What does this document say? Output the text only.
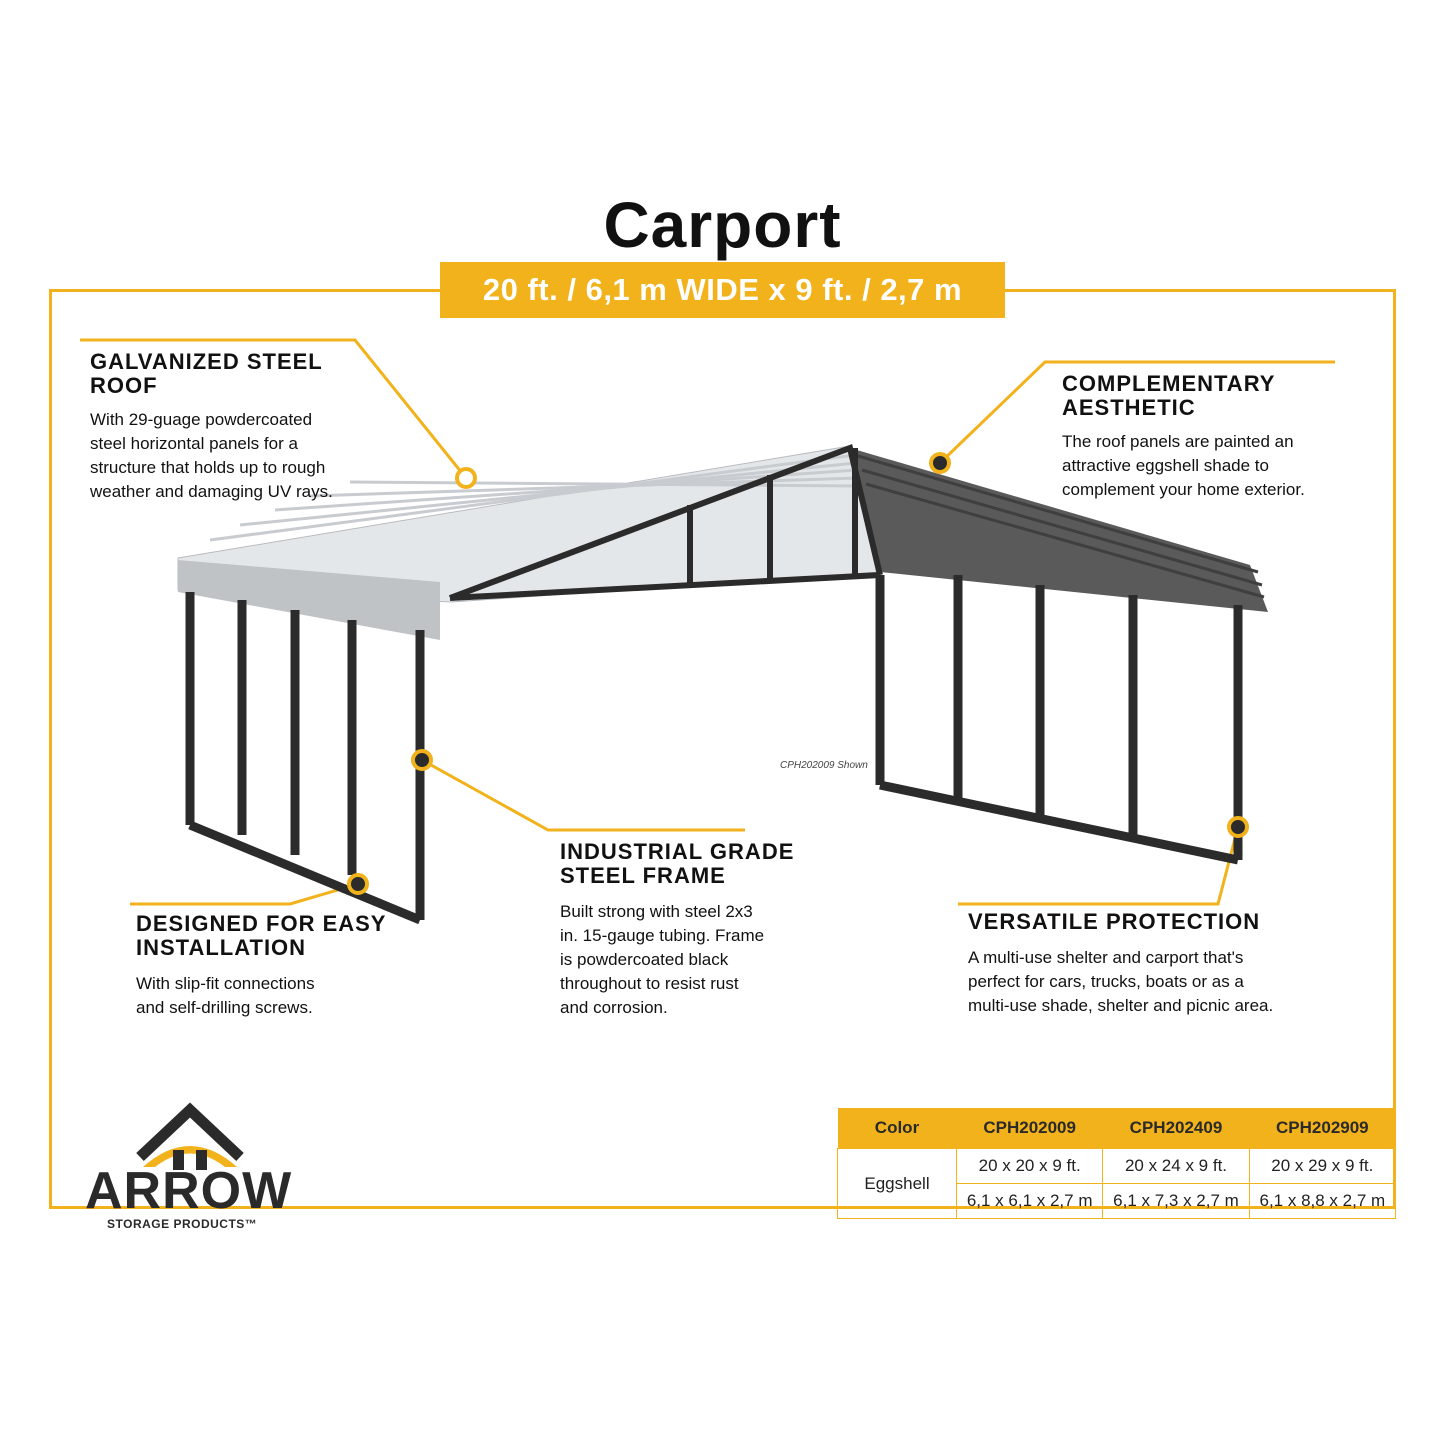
Carport
20 ft. / 6,1 m WIDE x 9 ft. / 2,7 m HIGH
CPH202009 Shown
GALVANIZED STEEL ROOF
With 29-guage powdercoated
steel horizontal panels for a
structure that holds up to rough
weather and damaging UV rays.
COMPLEMENTARY AESTHETIC
The roof panels are painted an
attractive eggshell shade to
complement your home exterior.
INDUSTRIAL GRADE
STEEL FRAME
Built strong with steel 2x3
in. 15-gauge tubing. Frame
is powdercoated black
throughout to resist rust
and corrosion.
DESIGNED FOR EASY
INSTALLATION
With slip-fit connections
and self-drilling screws.
VERSATILE PROTECTION
A multi-use shelter and carport that's
perfect for cars, trucks, boats or as a
multi-use shade, shelter and picnic area.
ARROW
STORAGE PRODUCTS™
Color	CPH202009	CPH202409	CPH202909
Eggshell	20 x 20 x 9 ft.	20 x 24 x 9 ft.	20 x 29 x 9 ft.
	6,1 x 6,1 x 2,7 m	6,1 x 7,3 x 2,7 m	6,1 x 8,8 x 2,7 m
